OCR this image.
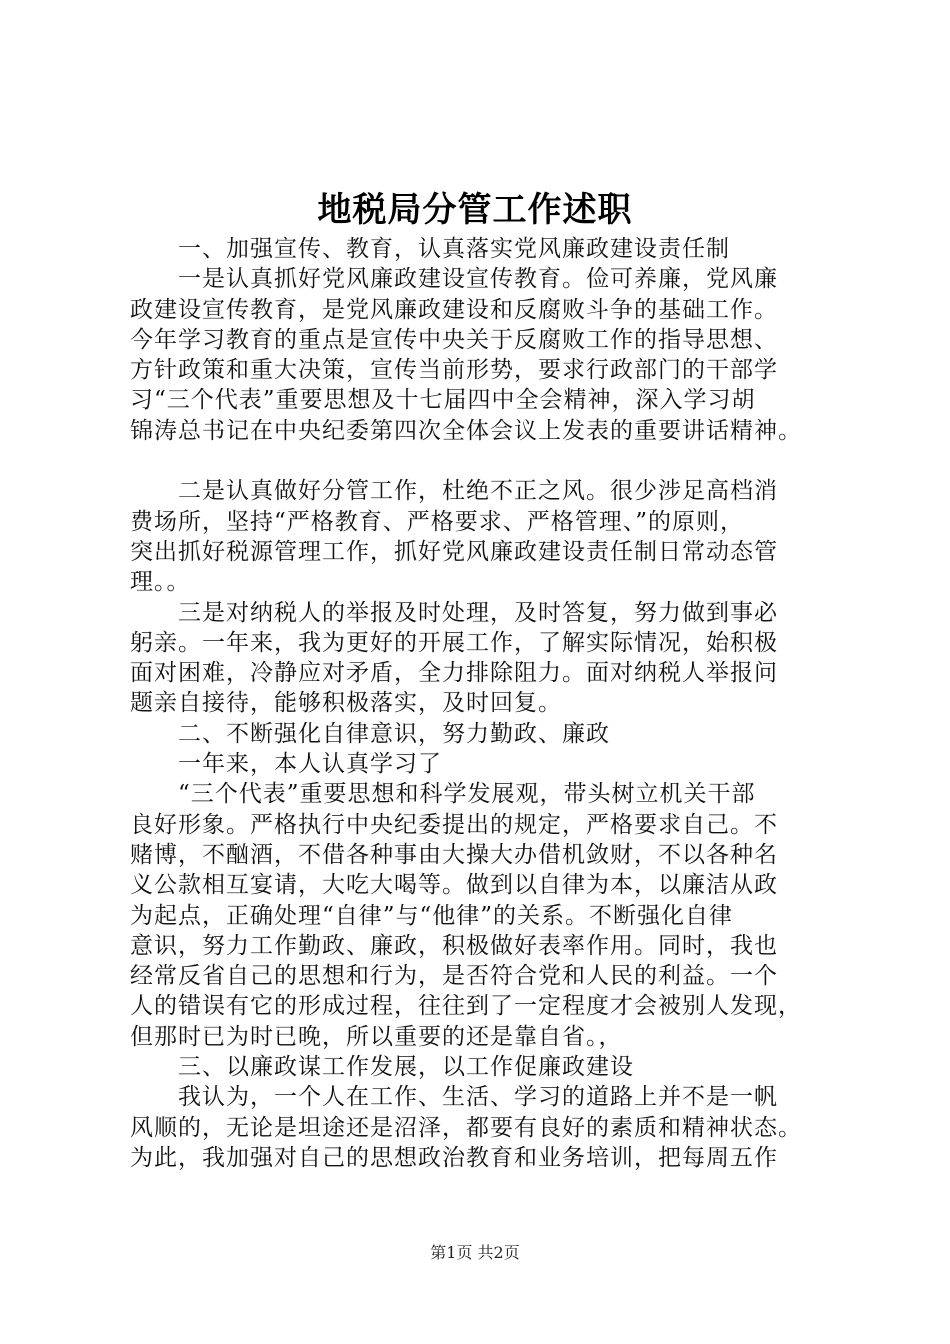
地税局分管工作述职
　　一、加强宣传、教育，认真落实党风廉政建设责任制
　　一是认真抓好党风廉政建设宣传教育。俭可养廉，党风廉
政建设宣传教育，是党风廉政建设和反腐败斗争的基础工作。
今年学习教育的重点是宣传中央关于反腐败工作的指导思想、
方针政策和重大决策，宣传当前形势，要求行政部门的干部学
习“三个代表”重要思想及十七届四中全会精神，深入学习胡
锦涛总书记在中央纪委第四次全体会议上发表的重要讲话精神。
　　二是认真做好分管工作，杜绝不正之风。很少涉足高档消
费场所，坚持“严格教育、严格要求、严格管理、”的原则，
突出抓好税源管理工作，抓好党风廉政建设责任制日常动态管
理。。
　　三是对纳税人的举报及时处理，及时答复，努力做到事必
躬亲。一年来，我为更好的开展工作，了解实际情况，始积极
面对困难，冷静应对矛盾，全力排除阻力。面对纳税人举报问
题亲自接待，能够积极落实，及时回复。
　　二、不断强化自律意识，努力勤政、廉政
　　一年来，本人认真学习了
　　“三个代表”重要思想和科学发展观，带头树立机关干部
良好形象。严格执行中央纪委提出的规定，严格要求自己。不
赌博，不酗酒，不借各种事由大操大办借机敛财，不以各种名
义公款相互宴请，大吃大喝等。做到以自律为本，以廉洁从政
为起点，正确处理“自律”与“他律”的关系。不断强化自律
意识，努力工作勤政、廉政，积极做好表率作用。同时，我也
经常反省自己的思想和行为，是否符合党和人民的利益。一个
人的错误有它的形成过程，往往到了一定程度才会被别人发现，
但那时已为时已晚，所以重要的还是靠自省。，
　　三、以廉政谋工作发展，以工作促廉政建设
　　我认为，一个人在工作、生活、学习的道路上并不是一帆
风顺的，无论是坦途还是沼泽，都要有良好的素质和精神状态。
为此，我加强对自己的思想政治教育和业务培训，把每周五作
第1页 共2页
